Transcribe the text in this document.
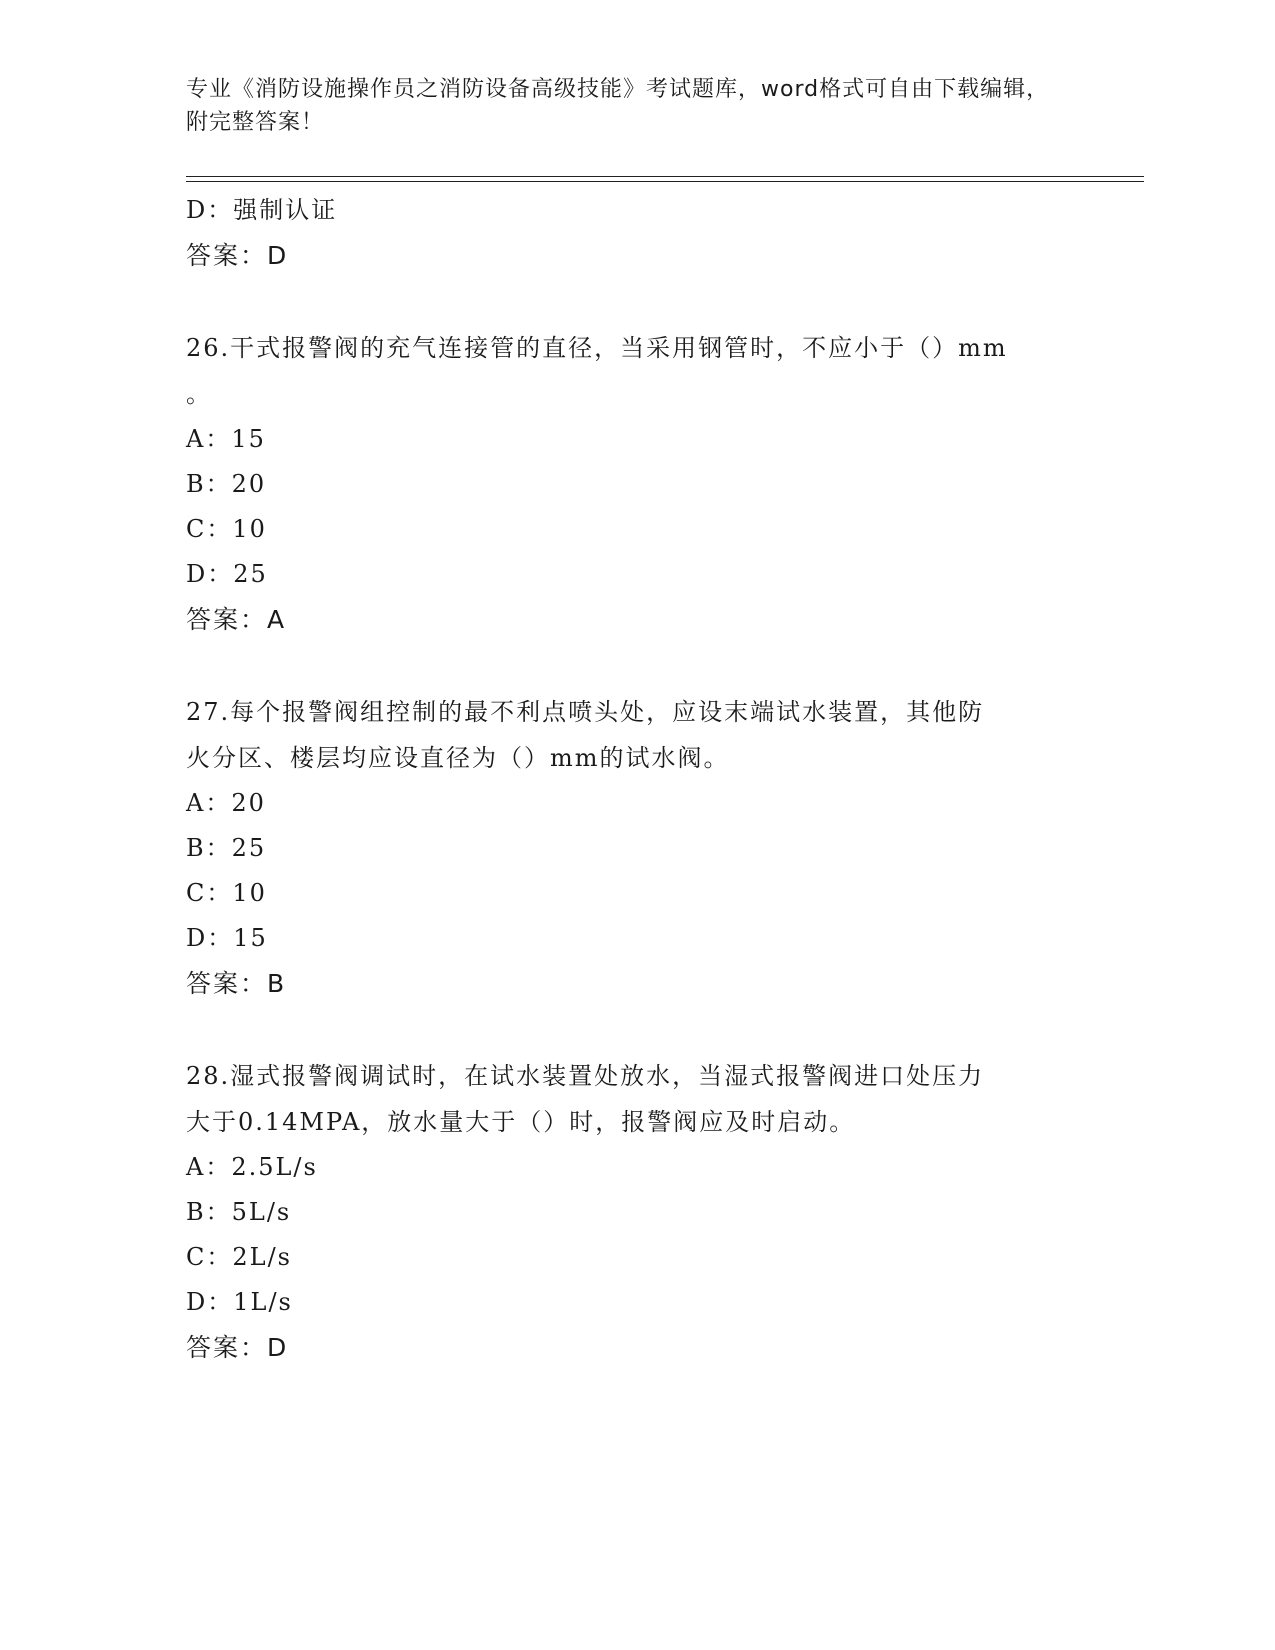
专业《消防设施操作员之消防设备高级技能》考试题库，word格式可自由下载编辑，附完整答案！
D：强制认证
答案：D
26.干式报警阀的充气连接管的直径，当采用钢管时，不应小于（）mm
。
A：15
B：20
C：10
D：25
答案：A
27.每个报警阀组控制的最不利点喷头处，应设末端试水装置，其他防
火分区、楼层均应设直径为（）mm的试水阀。
A：20
B：25
C：10
D：15
答案：B
28.湿式报警阀调试时，在试水装置处放水，当湿式报警阀进口处压力
大于0.14MPA，放水量大于（）时，报警阀应及时启动。
A：2.5L/s
B：5L/s
C：2L/s
D：1L/s
答案：D
